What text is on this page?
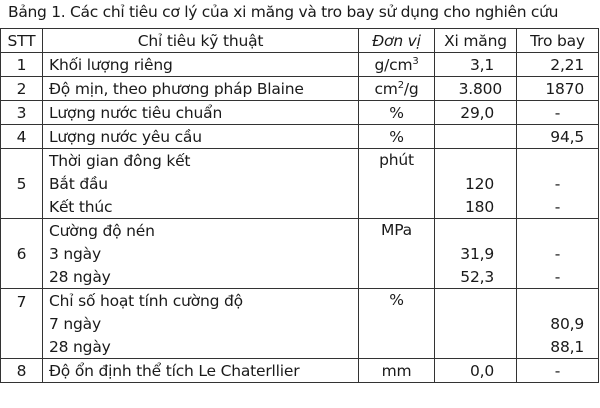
Bảng 1. Các chỉ tiêu cơ lý của xi măng và tro bay sử dụng cho nghiên cứu
STT	Chỉ tiêu kỹ thuật	Đơn vị	Xi măng	Tro bay
1	Khối lượng riêng	$g/cm^3$	3,1	2,21
2	Độ mịn, theo phương pháp Blaine	$cm^2/g$	3.800	1870
3	Lượng nước tiêu chuẩn	%	29,0	-
4	Lượng nước yêu cầu	%		94,5
5	Thời gian đông kết	phút		
	Bắt đầu		120	-
	Kết thúc		180	-
6	Cường độ nén	MPa		
	3 ngày		31,9	-
	28 ngày		52,3	-
7	Chỉ số hoạt tính cường độ	%		
	7 ngày			80,9
	28 ngày			88,1
8	Độ ổn định thể tích Le Chaterllier	mm	0,0	-
